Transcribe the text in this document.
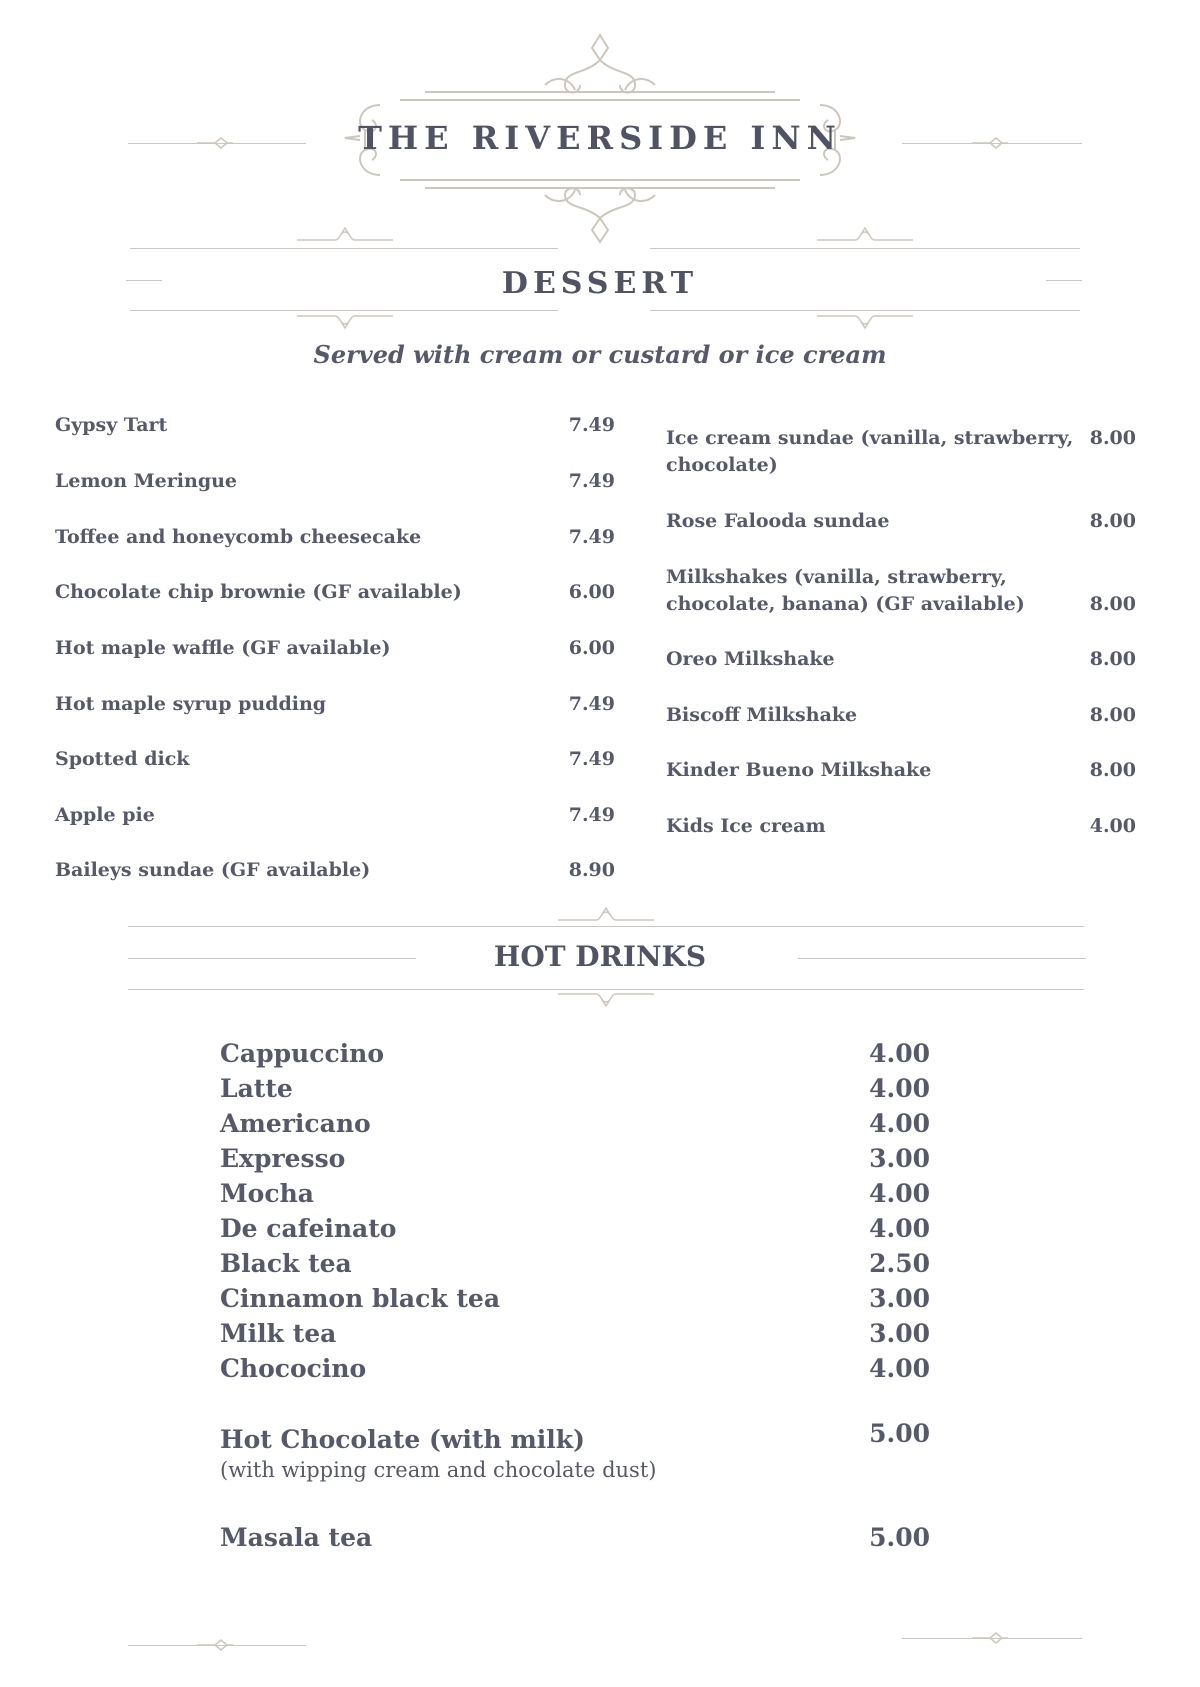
THE RIVERSIDE INN
DESSERT
Served with cream or custard or ice cream
Gypsy Tart	7.49
Lemon Meringue	7.49
Toffee and honeycomb cheesecake	7.49
Chocolate chip brownie (GF available)	6.00
Hot maple waffle (GF available)	6.00
Hot maple syrup pudding	7.49
Spotted dick	7.49
Apple pie	7.49
Baileys sundae (GF available)	8.90
Ice cream sundae (vanilla, strawberry,
chocolate)
8.00
Rose Falooda sundae	8.00
Milkshakes (vanilla, strawberry,
chocolate, banana) (GF available)	8.00
Oreo Milkshake	8.00
Biscoff Milkshake	8.00
Kinder Bueno Milkshake	8.00
Kids Ice cream	4.00
HOT DRINKS
Cappuccino	4.00
Latte	4.00
Americano	4.00
Expresso	3.00
Mocha	4.00
De cafeinato	4.00
Black tea	2.50
Cinnamon black tea	3.00
Milk tea	3.00
Chococino	4.00
Hot Chocolate (with milk)	5.00
(with wipping cream and chocolate dust)
Masala tea	5.00
